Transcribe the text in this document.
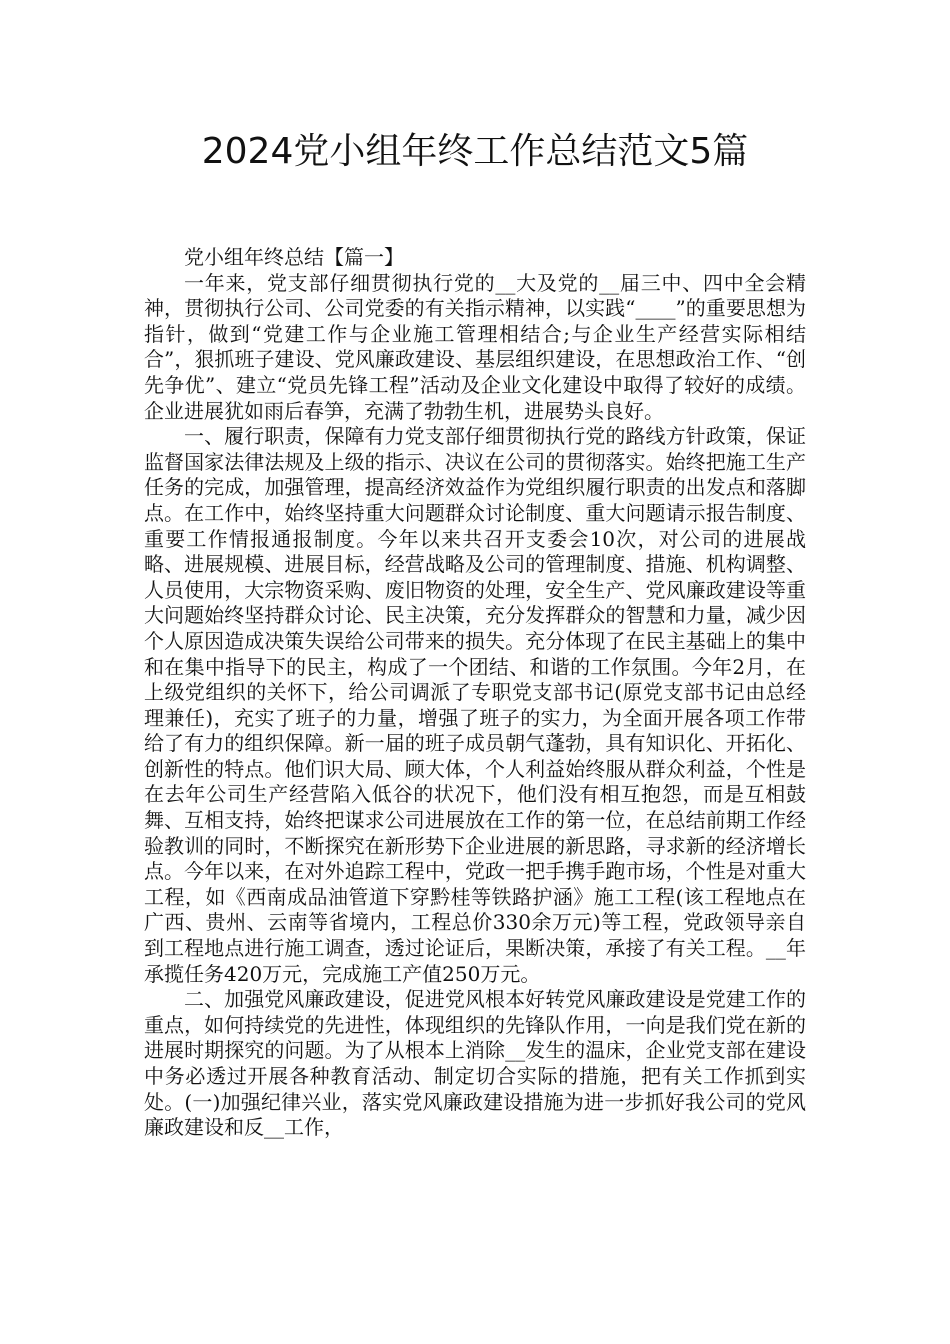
2024党小组年终工作总结范文5篇

党小组年终总结【篇一】

一年来，党支部仔细贯彻执行党的__大及党的__届三中、四中全会精神，贯彻执行公司、公司党委的有关指示精神，以实践“____”的重要思想为指针，做到“党建工作与企业施工管理相结合;与企业生产经营实际相结合”，狠抓班子建设、党风廉政建设、基层组织建设，在思想政治工作、“创先争优”、建立“党员先锋工程”活动及企业文化建设中取得了较好的成绩。企业进展犹如雨后春笋，充满了勃勃生机，进展势头良好。

一、履行职责，保障有力党支部仔细贯彻执行党的路线方针政策，保证监督国家法律法规及上级的指示、决议在公司的贯彻落实。始终把施工生产任务的完成，加强管理，提高经济效益作为党组织履行职责的出发点和落脚点。在工作中，始终坚持重大问题群众讨论制度、重大问题请示报告制度、重要工作情报通报制度。今年以来共召开支委会10次，对公司的进展战略、进展规模、进展目标，经营战略及公司的管理制度、措施、机构调整、人员使用，大宗物资采购、废旧物资的处理，安全生产、党风廉政建设等重大问题始终坚持群众讨论、民主决策，充分发挥群众的智慧和力量，减少因个人原因造成决策失误给公司带来的损失。充分体现了在民主基础上的集中和在集中指导下的民主，构成了一个团结、和谐的工作氛围。今年2月，在上级党组织的关怀下，给公司调派了专职党支部书记(原党支部书记由总经理兼任)，充实了班子的力量，增强了班子的实力，为全面开展各项工作带给了有力的组织保障。新一届的班子成员朝气蓬勃，具有知识化、开拓化、创新性的特点。他们识大局、顾大体，个人利益始终服从群众利益，个性是在去年公司生产经营陷入低谷的状况下，他们没有相互抱怨，而是互相鼓舞、互相支持，始终把谋求公司进展放在工作的第一位，在总结前期工作经验教训的同时，不断探究在新形势下企业进展的新思路，寻求新的经济增长点。今年以来，在对外追踪工程中，党政一把手携手跑市场，个性是对重大工程，如《西南成品油管道下穿黔桂等铁路护涵》施工工程(该工程地点在广西、贵州、云南等省境内，工程总价330余万元)等工程，党政领导亲自到工程地点进行施工调查，透过论证后，果断决策，承接了有关工程。__年承揽任务420万元，完成施工产值250万元。

二、加强党风廉政建设，促进党风根本好转党风廉政建设是党建工作的重点，如何持续党的先进性，体现组织的先锋队作用，一向是我们党在新的进展时期探究的问题。为了从根本上消除__发生的温床，企业党支部在建设中务必透过开展各种教育活动、制定切合实际的措施，把有关工作抓到实处。(一)加强纪律兴业，落实党风廉政建设措施为进一步抓好我公司的党风廉政建设和反__工作，
